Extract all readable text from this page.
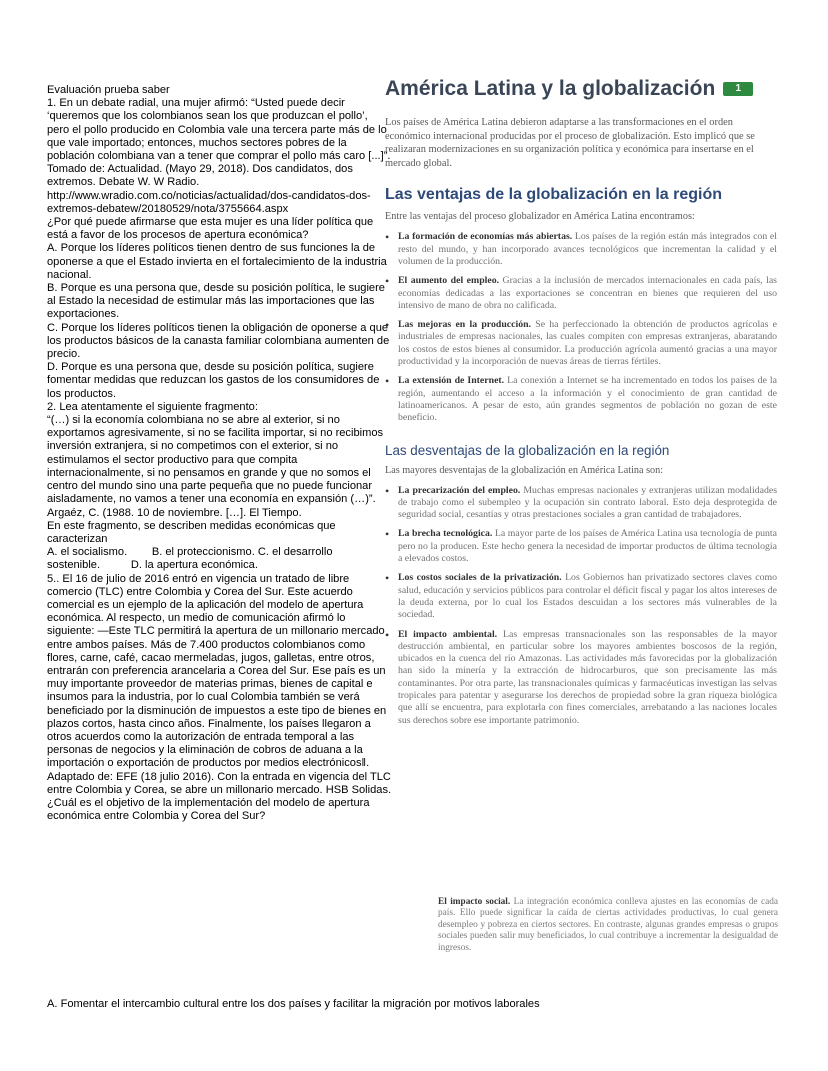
Evaluación prueba saber

1. En un debate radial, una mujer afirmó: “Usted puede decir ‘queremos que los colombianos sean los que produzcan el pollo’, pero el pollo producido en Colombia vale una tercera parte más de lo que vale importado; entonces, muchos sectores pobres de la población colombiana van a tener que comprar el pollo más caro [...]”.

Tomado de: Actualidad. (Mayo 29, 2018). Dos candidatos, dos extremos. Debate W. W Radio.

http://www.wradio.com.co/noticias/actualidad/dos-candidatos-dos-extremos-debatew/20180529/nota/3755664.aspx

¿Por qué puede afirmarse que esta mujer es una líder política que está a favor de los procesos de apertura económica?

A. Porque los líderes políticos tienen dentro de sus funciones la de oponerse a que el Estado invierta en el fortalecimiento de la industria nacional.

B. Porque es una persona que, desde su posición política, le sugiere al Estado la necesidad de estimular más las importaciones que las exportaciones.

C. Porque los líderes políticos tienen la obligación de oponerse a que los productos básicos de la canasta familiar colombiana aumenten de precio.

D. Porque es una persona que, desde su posición política, sugiere fomentar medidas que reduzcan los gastos de los consumidores de los productos.

2. Lea atentamente el siguiente fragmento:

“(…) si la economía colombiana no se abre al exterior, si no exportamos agresivamente, si no se facilita importar, si no recibimos inversión extranjera, si no competimos con el exterior, si no estimulamos el sector productivo para que compita internacionalmente, si no pensamos en grande y que no somos el centro del mundo sino una parte pequeña que no puede funcionar aisladamente, no vamos a tener una economía en expansión (…)”. Argaéz, C. (1988. 10 de noviembre. […]. El Tiempo.

En este fragmento, se describen medidas económicas que caracterizan

A. el socialismo. B. el proteccionismo. C. el desarrollo

sostenible.	D. la apertura económica.

5.. El 16 de julio de 2016 entró en vigencia un tratado de libre comercio (TLC) entre Colombia y Corea del Sur. Este acuerdo comercial es un ejemplo de la aplicación del modelo de apertura económica. Al respecto, un medio de comunicación afirmó lo siguiente: ―Este TLC permitirá la apertura de un millonario mercado entre ambos países. Más de 7.400 productos colombianos como flores, carne, café, cacao mermeladas, jugos, galletas, entre otros, entrarán con preferencia arancelaria a Corea del Sur. Ese país es un muy importante proveedor de materias primas, bienes de capital e insumos para la industria, por lo cual Colombia también se verá beneficiado por la disminución de impuestos a este tipo de bienes en plazos cortos, hasta cinco años. Finalmente, los países llegaron a otros acuerdos como la autorización de entrada temporal a las personas de negocios y la eliminación de cobros de aduana a la importación o exportación de productos por medios electrónicos‖.

Adaptado de: EFE (18 julio 2016). Con la entrada en vigencia del TLC entre Colombia y Corea, se abre un millonario mercado. HSB Solidas.

¿Cuál es el objetivo de la implementación del modelo de apertura económica entre Colombia y Corea del Sur?

A. Fomentar el intercambio cultural entre los dos países y facilitar la migración por motivos laborales

América Latina y la globalización	1

Los países de América Latina debieron adaptarse a las transformaciones en el orden económico internacional producidas por el proceso de globalización. Esto implicó que se realizaran modernizaciones en su organización política y económica para insertarse en el mercado global.

Las ventajas de la globalización en la región

Entre las ventajas del proceso globalizador en América Latina encontramos:

• La formación de economías más abiertas. Los países de la región están más integrados con el resto del mundo, y han incorporado avances tecnológicos que incrementan la calidad y el volumen de la producción.
• El aumento del empleo. Gracias a la inclusión de mercados internacionales en cada país, las economías dedicadas a las exportaciones se concentran en bienes que requieren del uso intensivo de mano de obra no calificada.
• Las mejoras en la producción. Se ha perfeccionado la obtención de productos agrícolas e industriales de empresas nacionales, las cuales compiten con empresas extranjeras, abaratando los costos de estos bienes al consumidor. La producción agrícola aumentó gracias a una mayor productividad y la incorporación de nuevas áreas de tierras fértiles.
• La extensión de Internet. La conexión a Internet se ha incrementado en todos los países de la región, aumentando el acceso a la información y el conocimiento de gran cantidad de latinoamericanos. A pesar de esto, aún grandes segmentos de población no gozan de este beneficio.
Las desventajas de la globalización en la región

Las mayores desventajas de la globalización en América Latina son:

• La precarización del empleo. Muchas empresas nacionales y extranjeras utilizan modalidades de trabajo como el subempleo y la ocupación sin contrato laboral. Esto deja desprotegida de seguridad social, cesantías y otras prestaciones sociales a gran cantidad de trabajadores.
• La brecha tecnológica. La mayor parte de los países de América Latina usa tecnología de punta pero no la producen. Este hecho genera la necesidad de importar productos de última tecnología a elevados costos.
• Los costos sociales de la privatización. Los Gobiernos han privatizado sectores claves como salud, educación y servicios públicos para controlar el déficit fiscal y pagar los altos intereses de la deuda externa, por lo cual los Estados descuidan a los sectores más vulnerables de la sociedad.
• El impacto ambiental. Las empresas transnacionales son las responsables de la mayor destrucción ambiental, en particular sobre los mayores ambientes boscosos de la región, ubicados en la cuenca del río Amazonas. Las actividades más favorecidas por la globalización han sido la minería y la extracción de hidrocarburos, que son precisamente las más contaminantes. Por otra parte, las transnacionales químicas y farmacéuticas investigan las selvas tropicales para patentar y asegurarse los derechos de propiedad sobre la gran riqueza biológica que allí se encuentra, para explotarla con fines comerciales, arrebatando a las naciones locales sus derechos sobre ese importante patrimonio.
El impacto social. La integración económica conlleva ajustes en las economías de cada país. Ello puede significar la caída de ciertas actividades productivas, lo cual genera desempleo y pobreza en ciertos sectores. En contraste, algunas grandes empresas o grupos sociales pueden salir muy beneficiados, lo cual contribuye a incrementar la desigualdad de ingresos.
